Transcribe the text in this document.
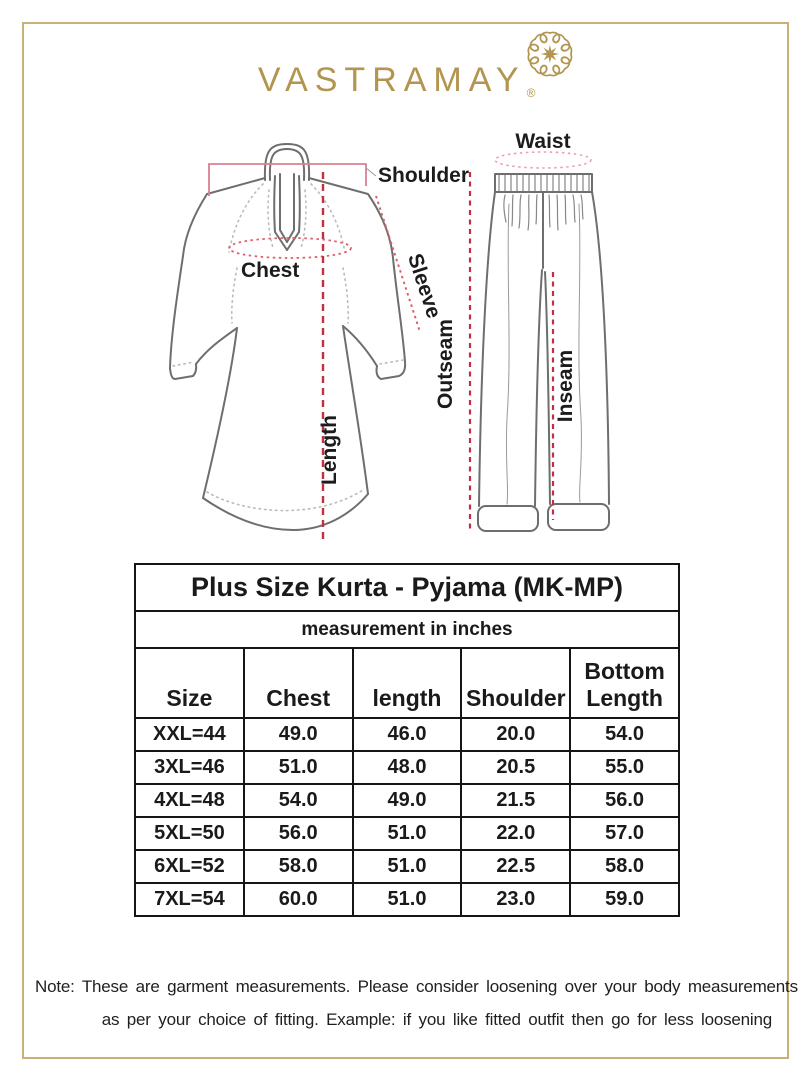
VASTRAMAY ®
Shoulder
Chest	Sleeve
Length
Waist
Outseam	Inseam
Plus Size Kurta - Pyjama (MK-MP)				
measurement in inches				
Size	Chest	length	Shoulder	Bottom Length
XXL=44	49.0	46.0	20.0	54.0
3XL=46	51.0	48.0	20.5	55.0
4XL=48	54.0	49.0	21.5	56.0
5XL=50	56.0	51.0	22.0	57.0
6XL=52	58.0	51.0	22.5	58.0
7XL=54	60.0	51.0	23.0	59.0
Note: These are garment measurements. Please consider loosening over your body measurements
as per your choice of fitting. Example: if you like fitted outfit then go for less loosening
